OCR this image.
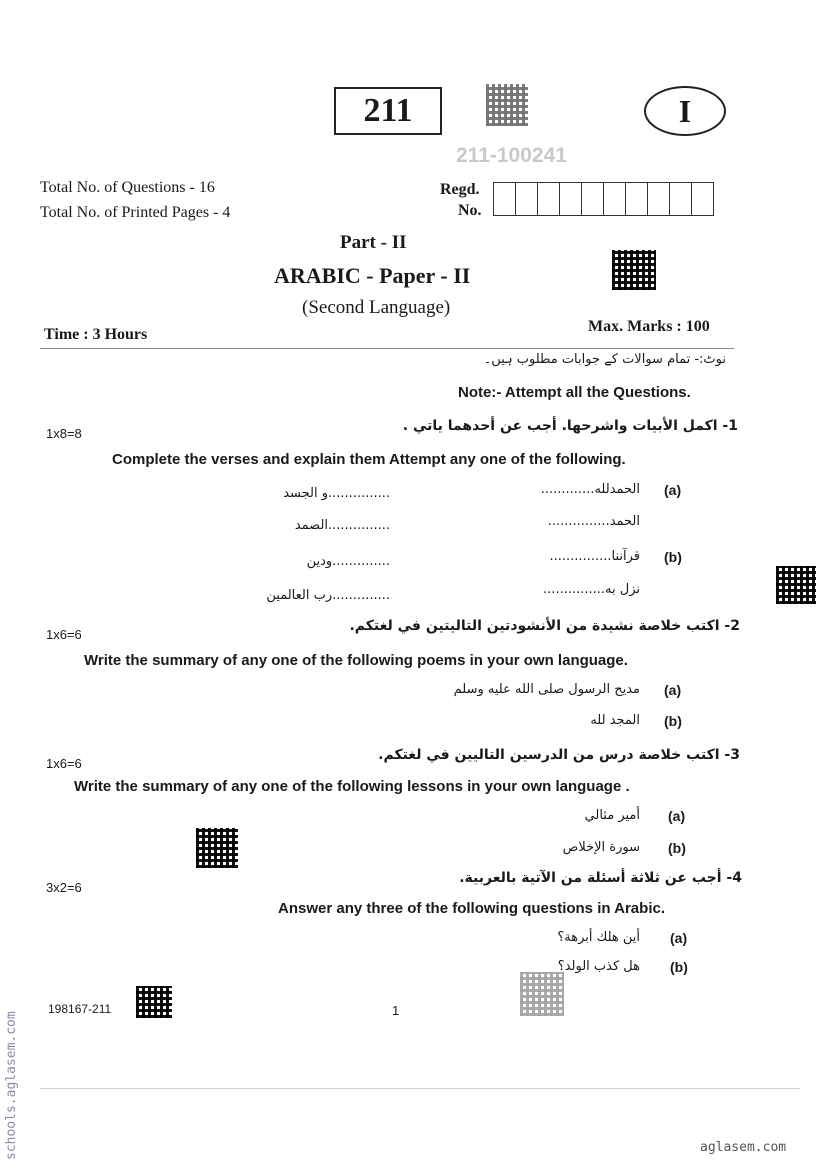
211	I
211-100241
Total No. of Questions - 16
Total No. of Printed Pages - 4
Regd.
No.
Part - II
ARABIC - Paper - II
(Second Language)
Time : 3 Hours	Max. Marks : 100
نوٹ:- تمام سوالات کے جوابات مطلوب ہیں۔
Note:- Attempt all the Questions.
1x8=8	1- اكمل الأبيات واشرحها. أجب عن أحدهما ياتي .
Complete the verses and explain them Attempt any one of the following.
(a)
الحمدلله.............
...............و الجسد
الحمد...............
...............الصمد
(b)
قرآننا...............
..............ودين
نزل به...............
..............رب العالمين
1x6=6
2- اكتب خلاصة نشيدة من الأنشودتين التاليتين في لغتكم.
Write the summary of any one of the following poems in your own language.
(a)
مديح الرسول صلى الله عليه وسلم
(b)
المجد لله
1x6=6
3- اكتب خلاصة درس من الدرسين التاليين في لغتكم.
Write the summary of any one of the following lessons in your own language .
(a)
أمير مثالي
(b)
سورة الإخلاص
3x2=6
4- أجب عن ثلاثة أسئلة من الآتية بالعربية.
Answer any three of the following questions in Arabic.
(a)
أين هلك أبرهة؟
(b)
هل كذب الولد؟
198167-211	1
schools.aglasem.com	aglasem.com
